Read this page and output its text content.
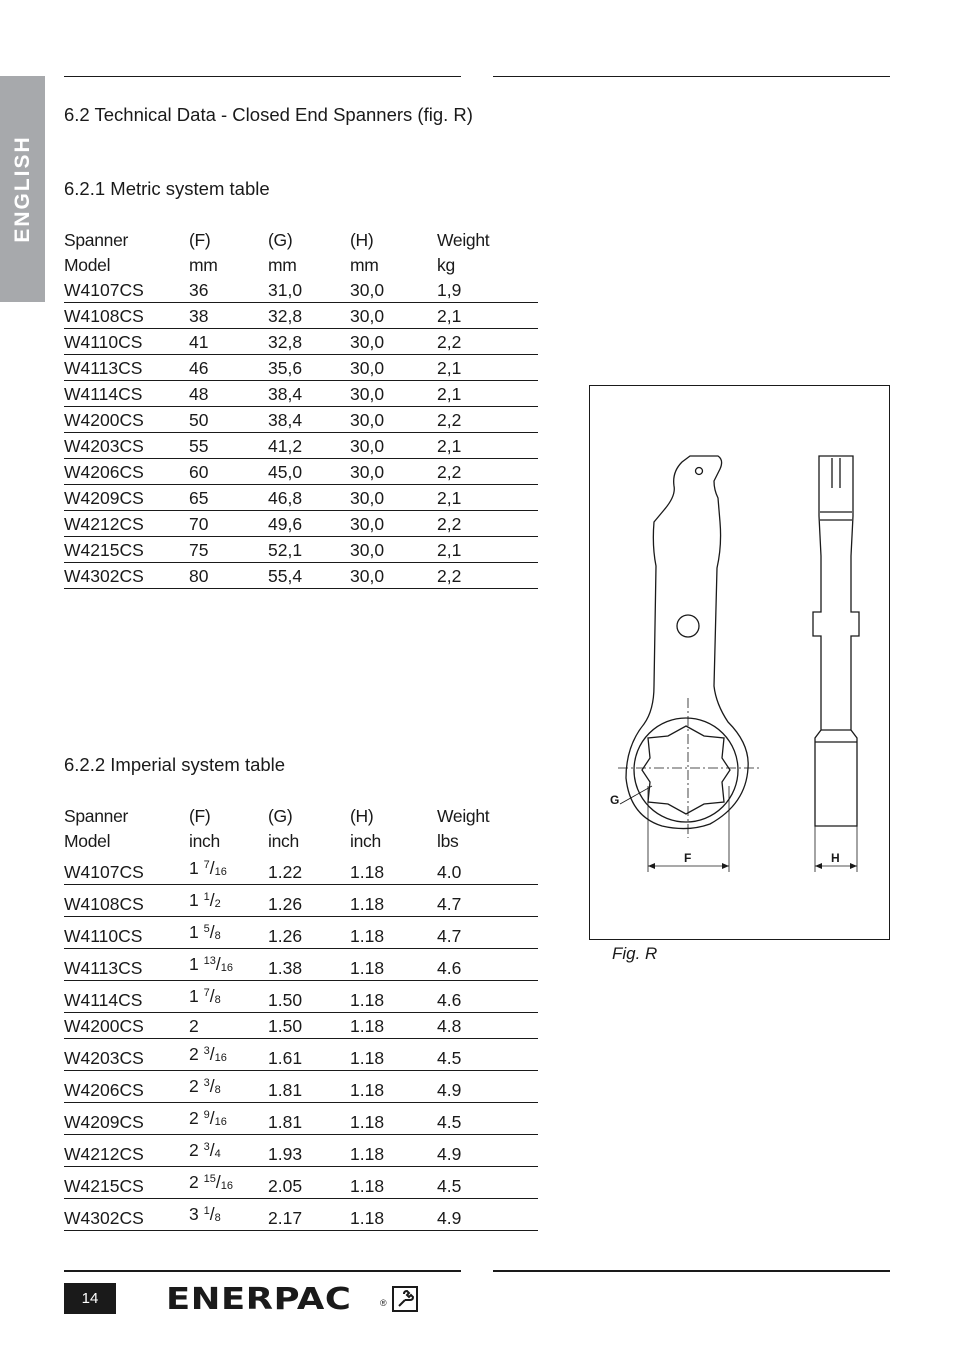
ENGLISH
6.2 Technical Data - Closed End Spanners (fig. R)
6.2.1 Metric system table
Spanner	(F)	(G)	(H)	Weight
Model	mm	mm	mm	kg
W4107CS	36	31,0	30,0	1,9
W4108CS	38	32,8	30,0	2,1
W4110CS	41	32,8	30,0	2,2
W4113CS	46	35,6	30,0	2,1
W4114CS	48	38,4	30,0	2,1
W4200CS	50	38,4	30,0	2,2
W4203CS	55	41,2	30,0	2,1
W4206CS	60	45,0	30,0	2,2
W4209CS	65	46,8	30,0	2,1
W4212CS	70	49,6	30,0	2,2
W4215CS	75	52,1	30,0	2,1
W4302CS	80	55,4	30,0	2,2
6.2.2 Imperial system table
Spanner	(F)	(G)	(H)	Weight
Model	inch	inch	inch	lbs
W4107CS	1 $^7/_{16}$	1.22	1.18	4.0
W4108CS	1 $^1/_2$	1.26	1.18	4.7
W4110CS	1 $^5/_8$	1.26	1.18	4.7
W4113CS	1 $^{13}/_{16}$	1.38	1.18	4.6
W4114CS	1 $^7/_8$	1.50	1.18	4.6
W4200CS	2	1.50	1.18	4.8
W4203CS	2 $^3/_{16}$	1.61	1.18	4.5
W4206CS	2 $^3/_8$	1.81	1.18	4.9
W4209CS	2 $^9/_{16}$	1.81	1.18	4.5
W4212CS	2 $^3/_4$	1.93	1.18	4.9
W4215CS	2 $^{15}/_{16}$	2.05	1.18	4.5
W4302CS	3 $^1/_8$	2.17	1.18	4.9
G
F	H
Fig. R
14	ENERPAC	®
